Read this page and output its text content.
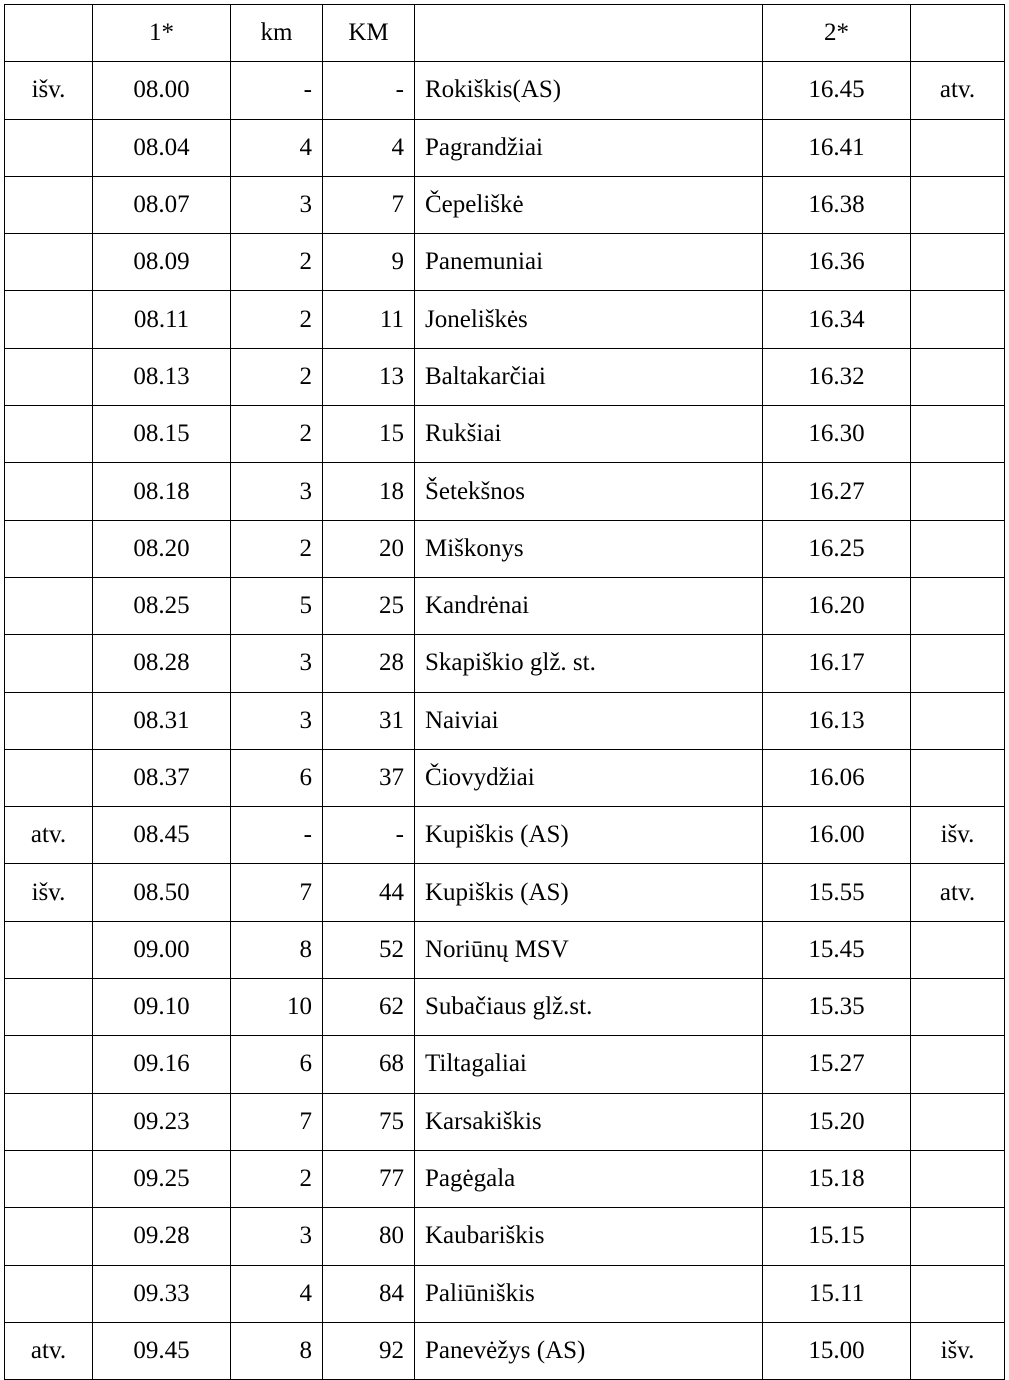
	1*	km	KM		2*	
išv.	08.00	-	-	Rokiškis(AS)	16.45	atv.
	08.04	4	4	Pagrandžiai	16.41	
	08.07	3	7	Čepeliškė	16.38	
	08.09	2	9	Panemuniai	16.36	
	08.11	2	11	Joneliškės	16.34	
	08.13	2	13	Baltakarčiai	16.32	
	08.15	2	15	Rukšiai	16.30	
	08.18	3	18	Šetekšnos	16.27	
	08.20	2	20	Miškonys	16.25	
	08.25	5	25	Kandrėnai	16.20	
	08.28	3	28	Skapiškio glž. st.	16.17	
	08.31	3	31	Naiviai	16.13	
	08.37	6	37	Čiovydžiai	16.06	
atv.	08.45	-	-	Kupiškis (AS)	16.00	išv.
išv.	08.50	7	44	Kupiškis (AS)	15.55	atv.
	09.00	8	52	Noriūnų MSV	15.45	
	09.10	10	62	Subačiaus glž.st.	15.35	
	09.16	6	68	Tiltagaliai	15.27	
	09.23	7	75	Karsakiškis	15.20	
	09.25	2	77	Pagėgala	15.18	
	09.28	3	80	Kaubariškis	15.15	
	09.33	4	84	Paliūniškis	15.11	
atv.	09.45	8	92	Panevėžys (AS)	15.00	išv.
